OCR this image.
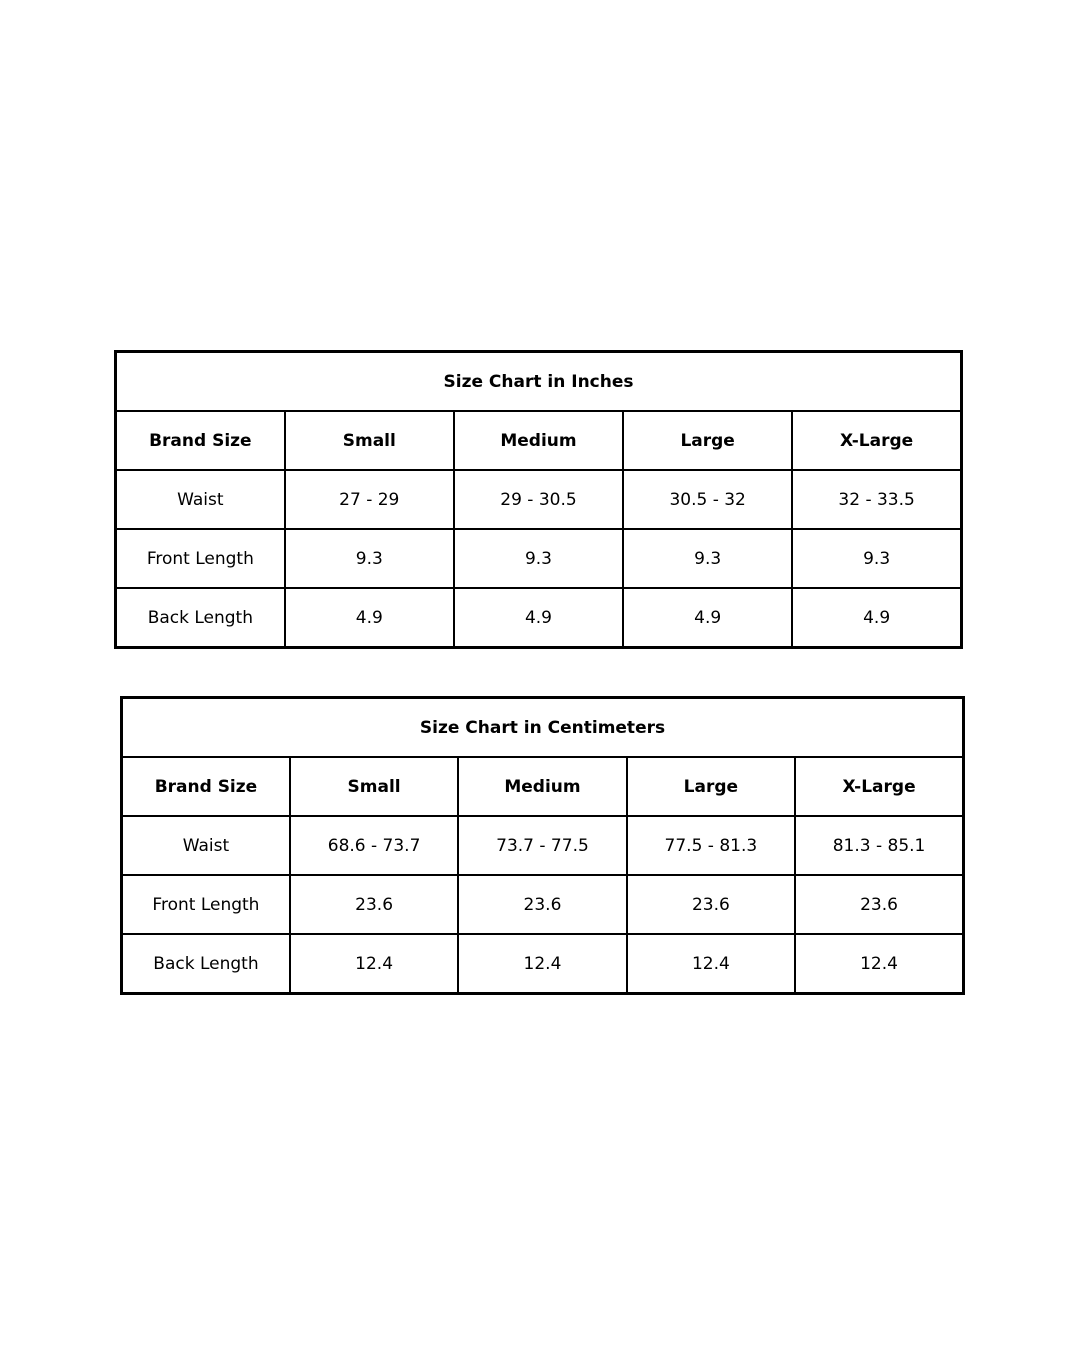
Size Chart in Inches				
Brand Size	Small	Medium	Large	X-Large
Waist	27 - 29	29 - 30.5	30.5 - 32	32 - 33.5
Front Length	9.3	9.3	9.3	9.3
Back Length	4.9	4.9	4.9	4.9
Size Chart in Centimeters				
Brand Size	Small	Medium	Large	X-Large
Waist	68.6 - 73.7	73.7 - 77.5	77.5 - 81.3	81.3 - 85.1
Front Length	23.6	23.6	23.6	23.6
Back Length	12.4	12.4	12.4	12.4
